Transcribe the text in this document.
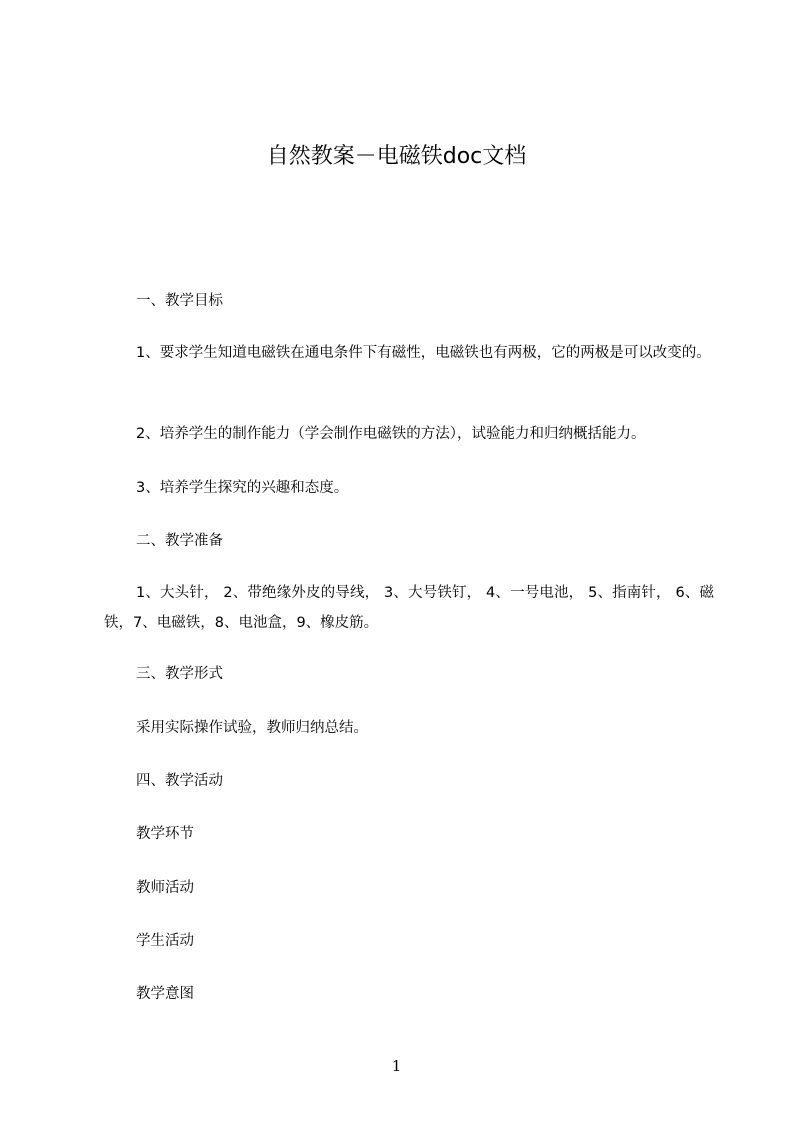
自然教案－电磁铁doc文档
一、教学目标
1、要求学生知道电磁铁在通电条件下有磁性，电磁铁也有两极，它的两极是可以改变的。
2、培养学生的制作能力（学会制作电磁铁的方法），试验能力和归纳概括能力。
3、培养学生探究的兴趣和态度。
二、教学准备
1、大头针， 2、带绝缘外皮的导线， 3、大号铁钉， 4、一号电池， 5、指南针， 6、磁铁，7、电磁铁，8、电池盒，9、橡皮筋。
三、教学形式
采用实际操作试验，教师归纳总结。
四、教学活动
教学环节
教师活动
学生活动
教学意图
1
